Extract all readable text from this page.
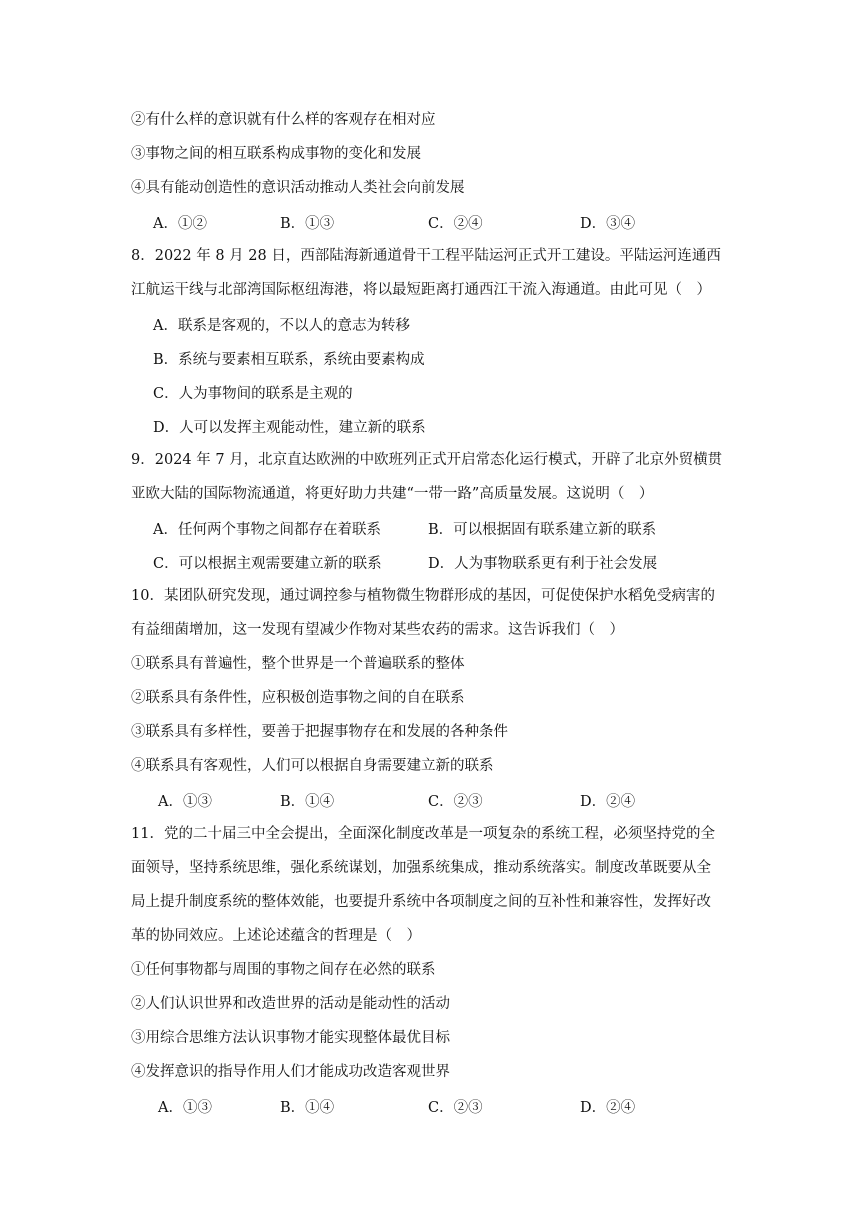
②有什么样的意识就有什么样的客观存在相对应
③事物之间的相互联系构成事物的变化和发展
④具有能动创造性的意识活动推动人类社会向前发展
A．①②	B．①③	C．②④	D．③④
8．2022 年 8 月 28 日，西部陆海新通道骨干工程平陆运河正式开工建设。平陆运河连通西
江航运干线与北部湾国际枢纽海港，将以最短距离打通西江干流入海通道。由此可见（　）
A．联系是客观的，不以人的意志为转移
B．系统与要素相互联系，系统由要素构成
C．人为事物间的联系是主观的
D．人可以发挥主观能动性，建立新的联系
9．2024 年 7 月，北京直达欧洲的中欧班列正式开启常态化运行模式，开辟了北京外贸横贯
亚欧大陆的国际物流通道，将更好助力共建“一带一路”高质量发展。这说明（　）
A．任何两个事物之间都存在着联系	B．可以根据固有联系建立新的联系
C．可以根据主观需要建立新的联系	D．人为事物联系更有利于社会发展
10．某团队研究发现，通过调控参与植物微生物群形成的基因，可促使保护水稻免受病害的
有益细菌增加，这一发现有望减少作物对某些农药的需求。这告诉我们（　）
①联系具有普遍性，整个世界是一个普遍联系的整体
②联系具有条件性，应积极创造事物之间的自在联系
③联系具有多样性，要善于把握事物存在和发展的各种条件
④联系具有客观性，人们可以根据自身需要建立新的联系
A．①③	B．①④	C．②③	D．②④
11．党的二十届三中全会提出，全面深化制度改革是一项复杂的系统工程，必须坚持党的全
面领导，坚持系统思维，强化系统谋划，加强系统集成，推动系统落实。制度改革既要从全
局上提升制度系统的整体效能，也要提升系统中各项制度之间的互补性和兼容性，发挥好改
革的协同效应。上述论述蕴含的哲理是（　）
①任何事物都与周围的事物之间存在必然的联系
②人们认识世界和改造世界的活动是能动性的活动
③用综合思维方法认识事物才能实现整体最优目标
④发挥意识的指导作用人们才能成功改造客观世界
A．①③	B．①④	C．②③	D．②④
